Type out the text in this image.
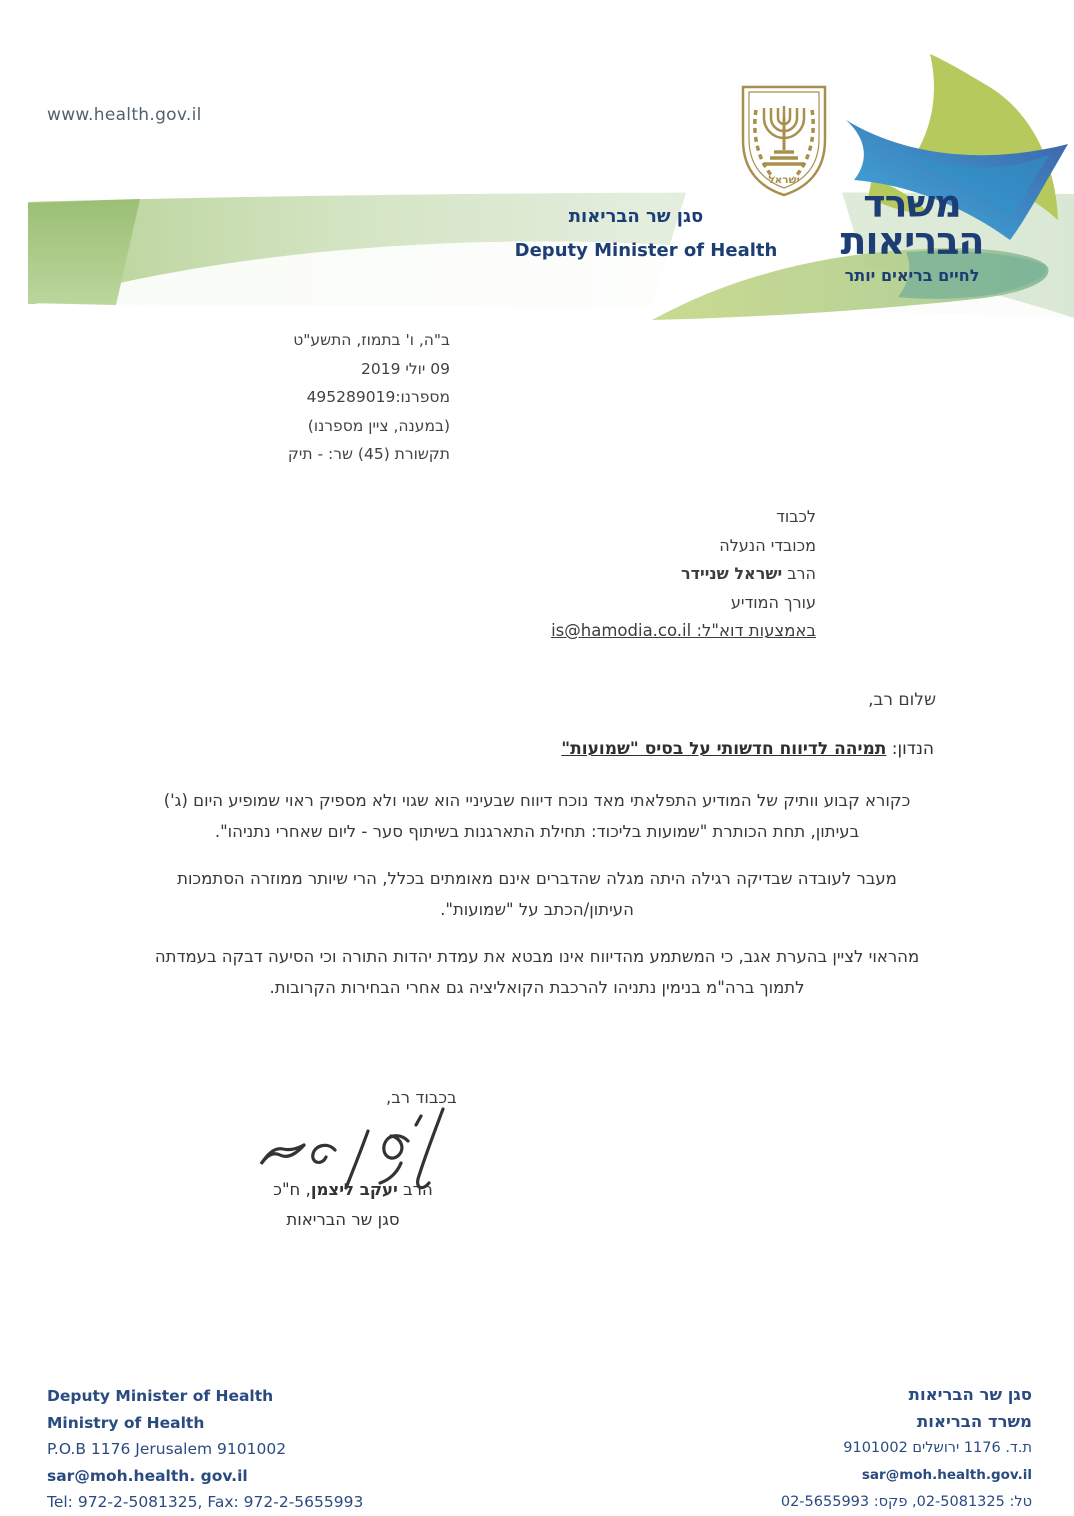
www.health.gov.il
סגן שר הבריאות
Deputy Minister of Health
ישראל
משרד
הבריאות
לחיים בריאים יותר
ב"ה, ו' בתמוז, התשע"ט
09 יולי 2019
מספרנו:495289019
(במענה, ציין מספרנו)
תקשורת (45) שר: - תיק
לכבוד
מכובדי הנעלה
הרב ישראל שניידר
עורך המודיע
באמצעות דוא"ל: is@hamodia.co.il
שלום רב,
הנדון: תמיהה לדיווח חדשותי על בסיס "שמועות"

כקורא קבוע וותיק של המודיע התפלאתי מאד נוכח דיווח שבעיניי הוא שגוי ולא מספיק ראוי שמופיע היום (ג') בעיתון, תחת הכותרת "שמועות בליכוד: תחילת התארגנות בשיתוף סער - ליום שאחרי נתניהו".

מעבר לעובדה שבדיקה רגילה היתה מגלה שהדברים אינם מאומתים בכלל, הרי שיותר ממוזרה הסתמכות העיתון/הכתב על "שמועות".

מהראוי לציין בהערת אגב, כי המשתמע מהדיווח אינו מבטא את עמדת יהדות התורה וכי הסיעה דבקה בעמדתה לתמוך ברה"מ בנימין נתניהו להרכבת הקואליציה גם אחרי הבחירות הקרובות.

בכבוד רב,
הרב יעקב ליצמן, ח"כ
סגן שר הבריאות
Deputy Minister of Health
Ministry of Health
P.O.B 1176 Jerusalem 9101002
sar@moh.health. gov.il
Tel: 972-2-5081325, Fax: 972-2-5655993
סגן שר הבריאות
משרד הבריאות
ת.ד. 1176 ירושלים 9101002
sar@moh.health.gov.il
טל: 02-5081325, פקס: 02-5655993
